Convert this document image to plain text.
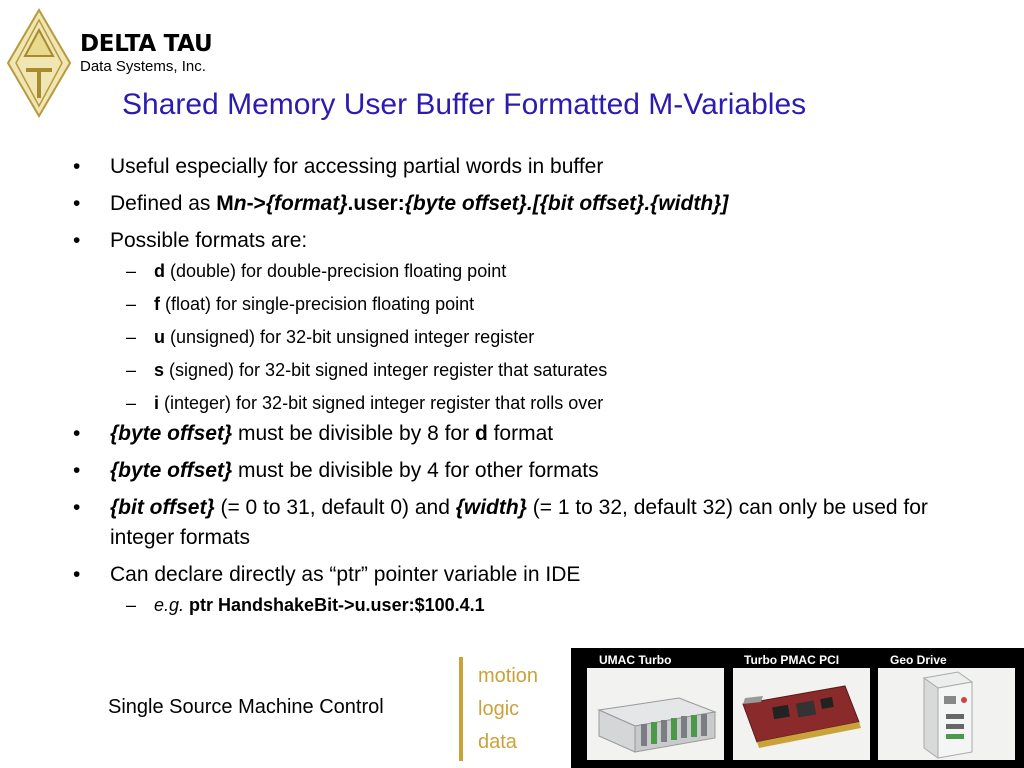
DELTA TAU
Data Systems, Inc.
Shared Memory User Buffer Formatted M-Variables
• Useful especially for accessing partial words in buffer
• Defined as Mn->{format}.user:{byte offset}.[{bit offset}.{width}]
• Possible formats are:
– d (double) for double-precision floating point
– f (float) for single-precision floating point
– u (unsigned) for 32-bit unsigned integer register
– s (signed) for 32-bit signed integer register that saturates
– i (integer) for 32-bit signed integer register that rolls over
• {byte offset} must be divisible by 8 for d format
• {byte offset} must be divisible by 4 for other formats
• {bit offset} (= 0 to 31, default 0) and {width} (= 1 to 32, default 32) can only be used for integer formats
• Can declare directly as “ptr” pointer variable in IDE
– e.g. ptr HandshakeBit->u.user:$100.4.1
Single Source Machine Control
motion
logic
data
UMAC Turbo	Turbo PMAC PCI	Geo Drive
